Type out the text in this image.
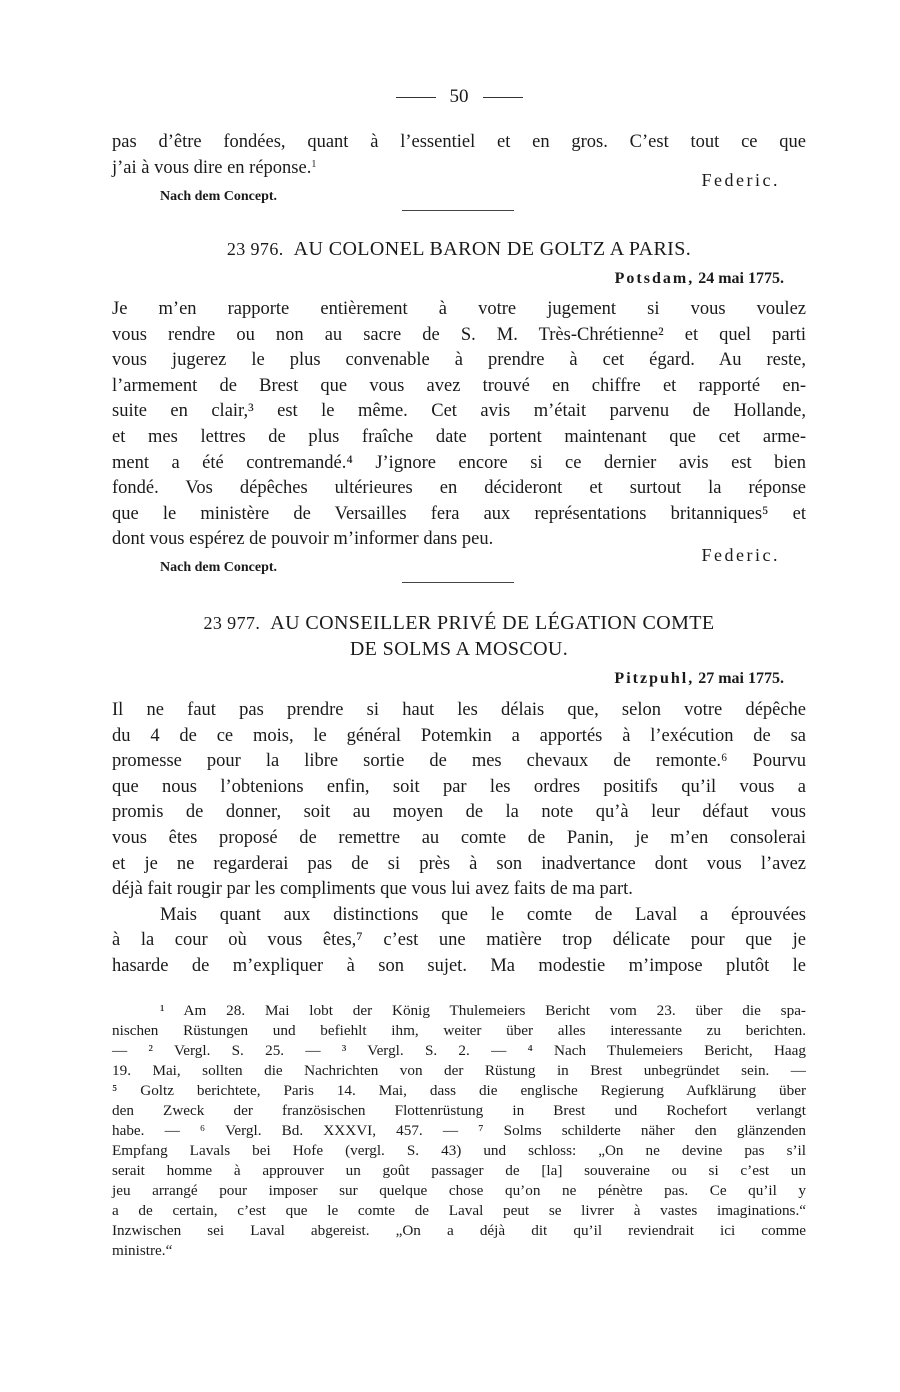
50
pas d’être fondées, quant à l’essentiel et en gros. C’est tout ce que
j’ai à vous dire en réponse.$^1$
Federic.
Nach dem Concept.
23 976. AU COLONEL BARON DE GOLTZ A PARIS.
Potsdam, 24 mai 1775.
Je m’en rapporte entièrement à votre jugement si vous voulez
vous rendre ou non au sacre de S. M. Très-Chrétienne² et quel parti
vous jugerez le plus convenable à prendre à cet égard. Au reste,
l’armement de Brest que vous avez trouvé en chiffre et rapporté en-
suite en clair,³ est le même. Cet avis m’était parvenu de Hollande,
et mes lettres de plus fraîche date portent maintenant que cet arme-
ment a été contremandé.⁴ J’ignore encore si ce dernier avis est bien
fondé. Vos dépêches ultérieures en décideront et surtout la réponse
que le ministère de Versailles fera aux représentations britanniques⁵ et
dont vous espérez de pouvoir m’informer dans peu.
Federic.
Nach dem Concept.
23 977. AU CONSEILLER PRIVÉ DE LÉGATION COMTE
DE SOLMS A MOSCOU.
Pitzpuhl, 27 mai 1775.
Il ne faut pas prendre si haut les délais que, selon votre dépêche
du 4 de ce mois, le général Potemkin a apportés à l’exécution de sa
promesse pour la libre sortie de mes chevaux de remonte.⁶ Pourvu
que nous l’obtenions enfin, soit par les ordres positifs qu’il vous a
promis de donner, soit au moyen de la note qu’à leur défaut vous
vous êtes proposé de remettre au comte de Panin, je m’en consolerai
et je ne regarderai pas de si près à son inadvertance dont vous l’avez
déjà fait rougir par les compliments que vous lui avez faits de ma part.
Mais quant aux distinctions que le comte de Laval a éprouvées
à la cour où vous êtes,⁷ c’est une matière trop délicate pour que je
hasarde de m’expliquer à son sujet. Ma modestie m’impose plutôt le
¹ Am 28. Mai lobt der König Thulemeiers Bericht vom 23. über die spa-
nischen Rüstungen und befiehlt ihm, weiter über alles interessante zu berichten.
— ² Vergl. S. 25. — ³ Vergl. S. 2. — ⁴ Nach Thulemeiers Bericht, Haag
19. Mai, sollten die Nachrichten von der Rüstung in Brest unbegründet sein. —
⁵ Goltz berichtete, Paris 14. Mai, dass die englische Regierung Aufklärung über
den Zweck der französischen Flottenrüstung in Brest und Rochefort verlangt
habe. — ⁶ Vergl. Bd. XXXVI, 457. — ⁷ Solms schilderte näher den glänzenden
Empfang Lavals bei Hofe (vergl. S. 43) und schloss: „On ne devine pas s’il
serait homme à approuver un goût passager de [la] souveraine ou si c’est un
jeu arrangé pour imposer sur quelque chose qu’on ne pénètre pas. Ce qu’il y
a de certain, c’est que le comte de Laval peut se livrer à vastes imaginations.“
Inzwischen sei Laval abgereist. „On a déjà dit qu’il reviendrait ici comme
ministre.“
